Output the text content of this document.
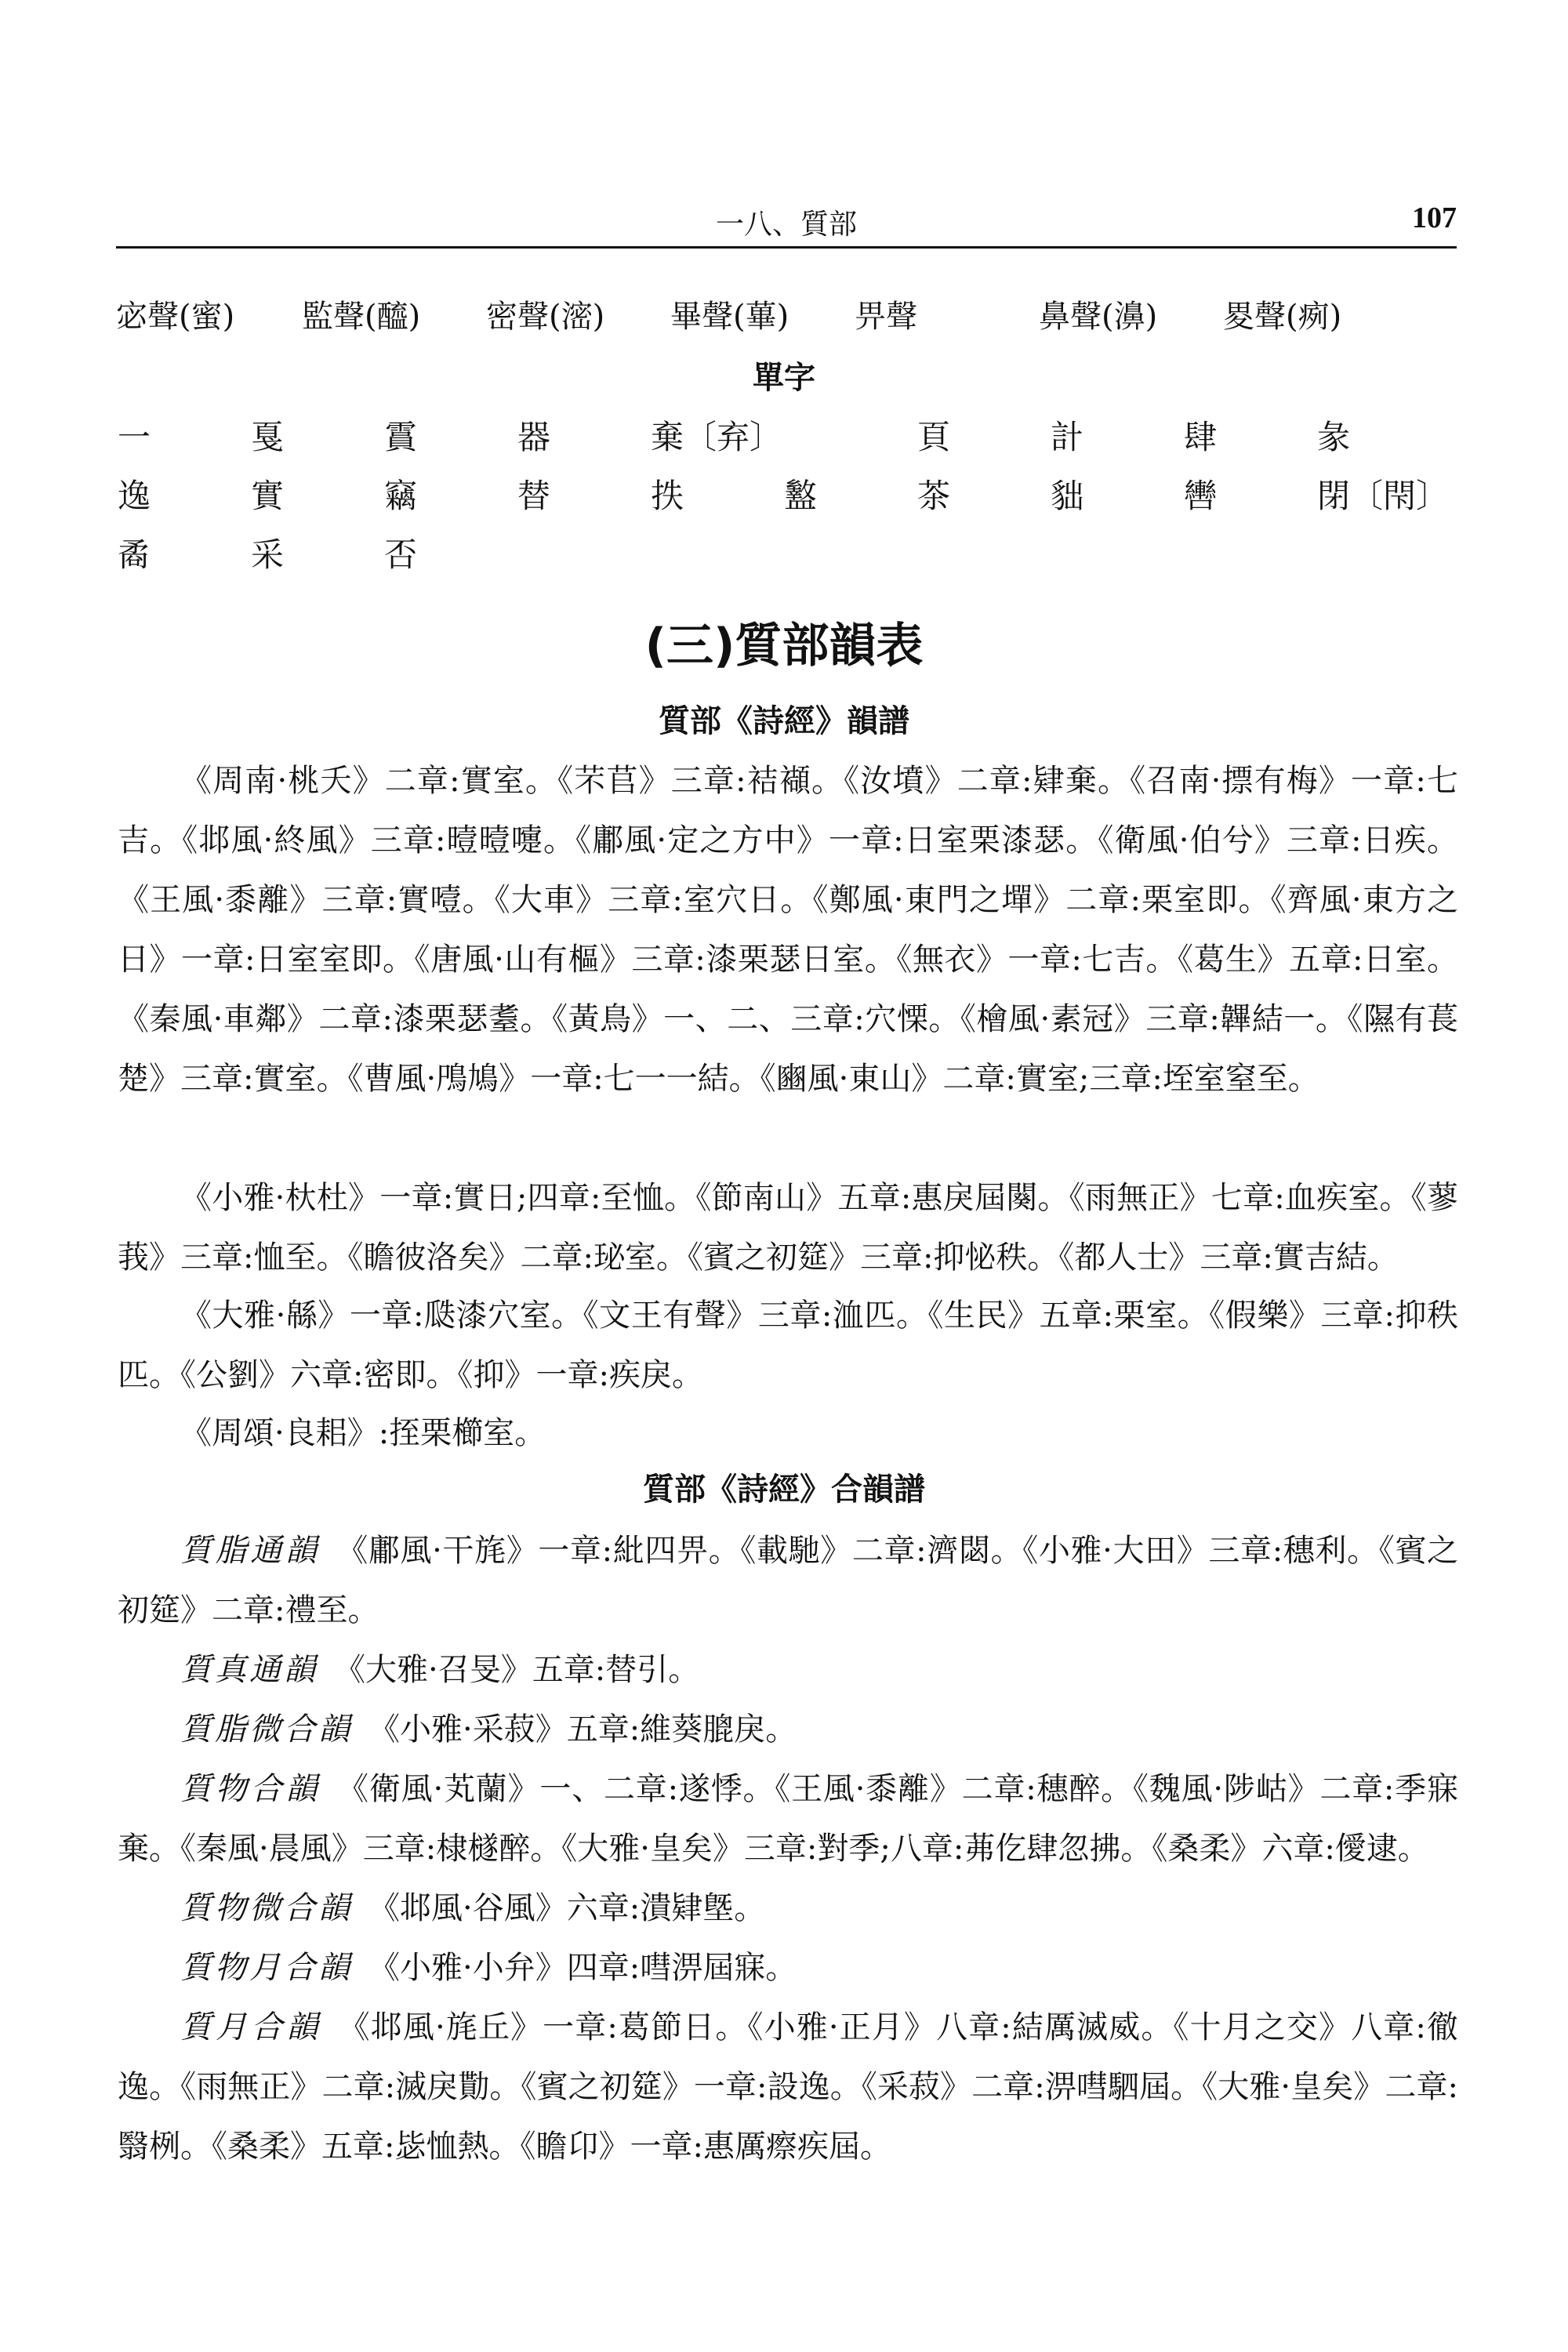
一八、質部	107
宓聲(蜜) 監聲(醯) 密聲(滵) 畢聲(蓽) 畀聲	鼻聲(濞) 畟聲(㾐)
單字
一	戛	霣	器	棄〔弃〕	頁	計	肆	彖
逸	實	竊	替	抶	盭	茶	貀	轡	閉〔閇〕
矞	采	否
(三)質部韻表
質部《詩經》韻譜

《周南·桃夭》二章:實室。《芣苢》三章:袺襭。《汝墳》二章:肄棄。《召南·摽有梅》一章:七吉。《邶風·終風》三章:曀曀嚏。《鄘風·定之方中》一章:日室栗漆瑟。《衛風·伯兮》三章:日疾。《王風·黍離》三章:實噎。《大車》三章:室穴日。《鄭風·東門之墠》二章:栗室即。《齊風·東方之日》一章:日室室即。《唐風·山有樞》三章:漆栗瑟日室。《無衣》一章:七吉。《葛生》五章:日室。《秦風·車鄰》二章:漆栗瑟耋。《黃鳥》一、二、三章:穴慄。《檜風·素冠》三章:韠結一。《隰有萇楚》三章:實室。《曹風·鳲鳩》一章:七一一結。《豳風·東山》二章:實室;三章:垤室窒至。

《小雅·杕杜》一章:實日;四章:至恤。《節南山》五章:惠戾屆闋。《雨無正》七章:血疾室。《蓼莪》三章:恤至。《瞻彼洛矣》二章:珌室。《賓之初筵》三章:抑怭秩。《都人士》三章:實吉結。

《大雅·緜》一章:瓞漆穴室。《文王有聲》三章:洫匹。《生民》五章:栗室。《假樂》三章:抑秩匹。《公劉》六章:密即。《抑》一章:疾戾。

《周頌·良耜》:挃栗櫛室。

質部《詩經》合韻譜

質脂通韻　 《鄘風·干旄》一章:紕四畀。《載馳》二章:濟閟。《小雅·大田》三章:穗利。《賓之初筵》二章:禮至。

質真通韻　 《大雅·召旻》五章:替引。

質脂微合韻　 《小雅·采菽》五章:維葵膍戾。

質物合韻　 《衛風·芄蘭》一、二章:遂悸。《王風·黍離》二章:穗醉。《魏風·陟岵》二章:季寐棄。《秦風·晨風》三章:棣檖醉。《大雅·皇矣》三章:對季;八章:茀仡肆忽拂。《桑柔》六章:僾逮。

質物微合韻　 《邶風·谷風》六章:潰肄墍。

質物月合韻　 《小雅·小弁》四章:嘒淠屆寐。

質月合韻　 《邶風·旄丘》一章:葛節日。《小雅·正月》八章:結厲滅威。《十月之交》八章:徹逸。《雨無正》二章:滅戾勩。《賓之初筵》一章:設逸。《采菽》二章:淠嘒駟屆。《大雅·皇矣》二章:翳栵。《桑柔》五章:毖恤熱。《瞻卬》一章:惠厲瘵疾屆。
